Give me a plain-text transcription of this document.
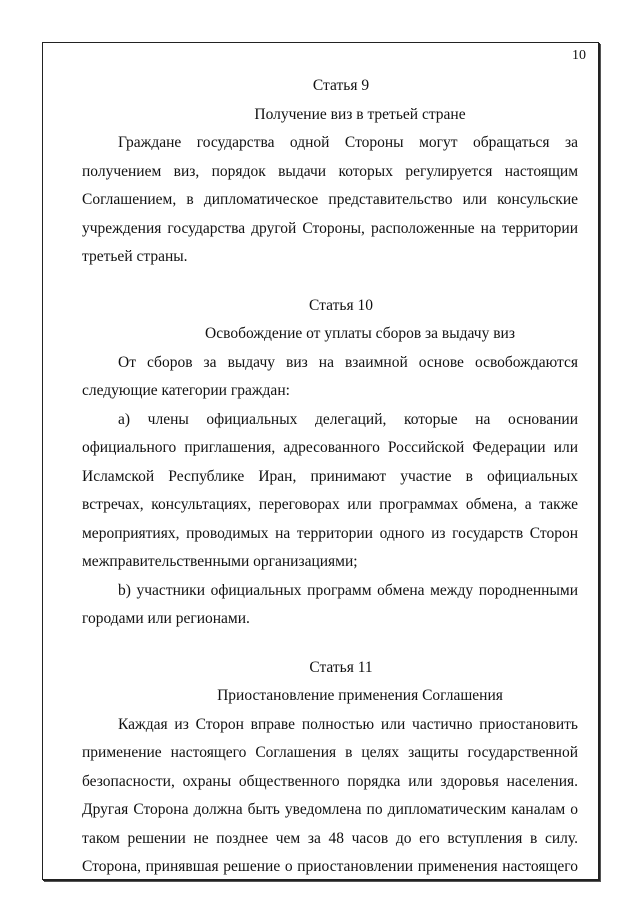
10
Статья 9
Получение виз в третьей стране

Граждане государства одной Стороны могут обращаться за получением виз, порядок выдачи которых регулируется настоящим Соглашением, в дипломатическое представительство или консульские учреждения государства другой Стороны, расположенные на территории третьей страны.

Статья 10
Освобождение от уплаты сборов за выдачу виз

От сборов за выдачу виз на взаимной основе освобождаются следующие категории граждан:

а) члены официальных делегаций, которые на основании официального приглашения, адресованного Российской Федерации или Исламской Республике Иран, принимают участие в официальных встречах, консультациях, переговорах или программах обмена, а также мероприятиях, проводимых на территории одного из государств Сторон межправительственными организациями;

b) участники официальных программ обмена между породненными городами или регионами.

Статья 11
Приостановление применения Соглашения

Каждая из Сторон вправе полностью или частично приостановить применение настоящего Соглашения в целях защиты государственной безопасности, охраны общественного порядка или здоровья населения. Другая Сторона должна быть уведомлена по дипломатическим каналам о таком решении не позднее чем за 48 часов до его вступления в силу. Сторона, принявшая решение о приостановлении применения настоящего
